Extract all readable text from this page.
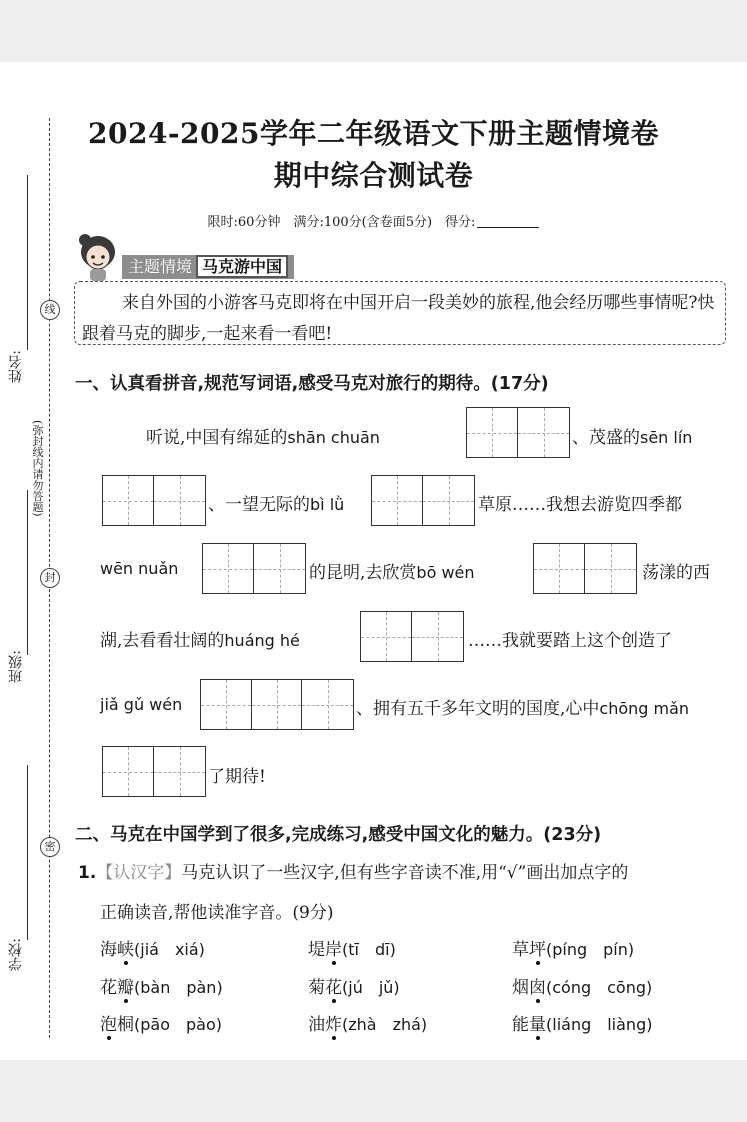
线
封
密
姓名:
班级:
学校:
(弥封线内请勿答题)
2024-2025学年二年级语文下册主题情境卷
期中综合测试卷
限时:60分钟　满分:100分(含卷面5分)　得分:
主题情境 马克游中国
来自外国的小游客马克即将在中国开启一段美妙的旅程,他会经历哪些事情呢?快跟着马克的脚步,一起来看一看吧!
一、认真看拼音,规范写词语,感受马克对旅行的期待。(17分)
听说,中国有绵延的shān chuān	、茂盛的sēn lín
、一望无际的bì lǜ	草原……我想去游览四季都
wēn nuǎn	的昆明,去欣赏bō wén	荡漾的西
湖,去看看壮阔的huáng hé	……我就要踏上这个创造了
jiǎ gǔ wén	、拥有五千多年文明的国度,心中chōng mǎn
了期待!
二、马克在中国学到了很多,完成练习,感受中国文化的魅力。(23分)
1.【认汉字】马克认识了一些汉字,但有些字音读不准,用“√”画出加点字的
正确读音,帮他读准字音。(9分)
海峡(jiá　xiá)	堤岸(tī　dī)	草坪(píng　pín)
花瓣(bàn　pàn)	菊花(jú　jǔ)	烟囱(cóng　cōng)
泡桐(pāo　pào)	油炸(zhà　zhá)	能量(liáng　liàng)
